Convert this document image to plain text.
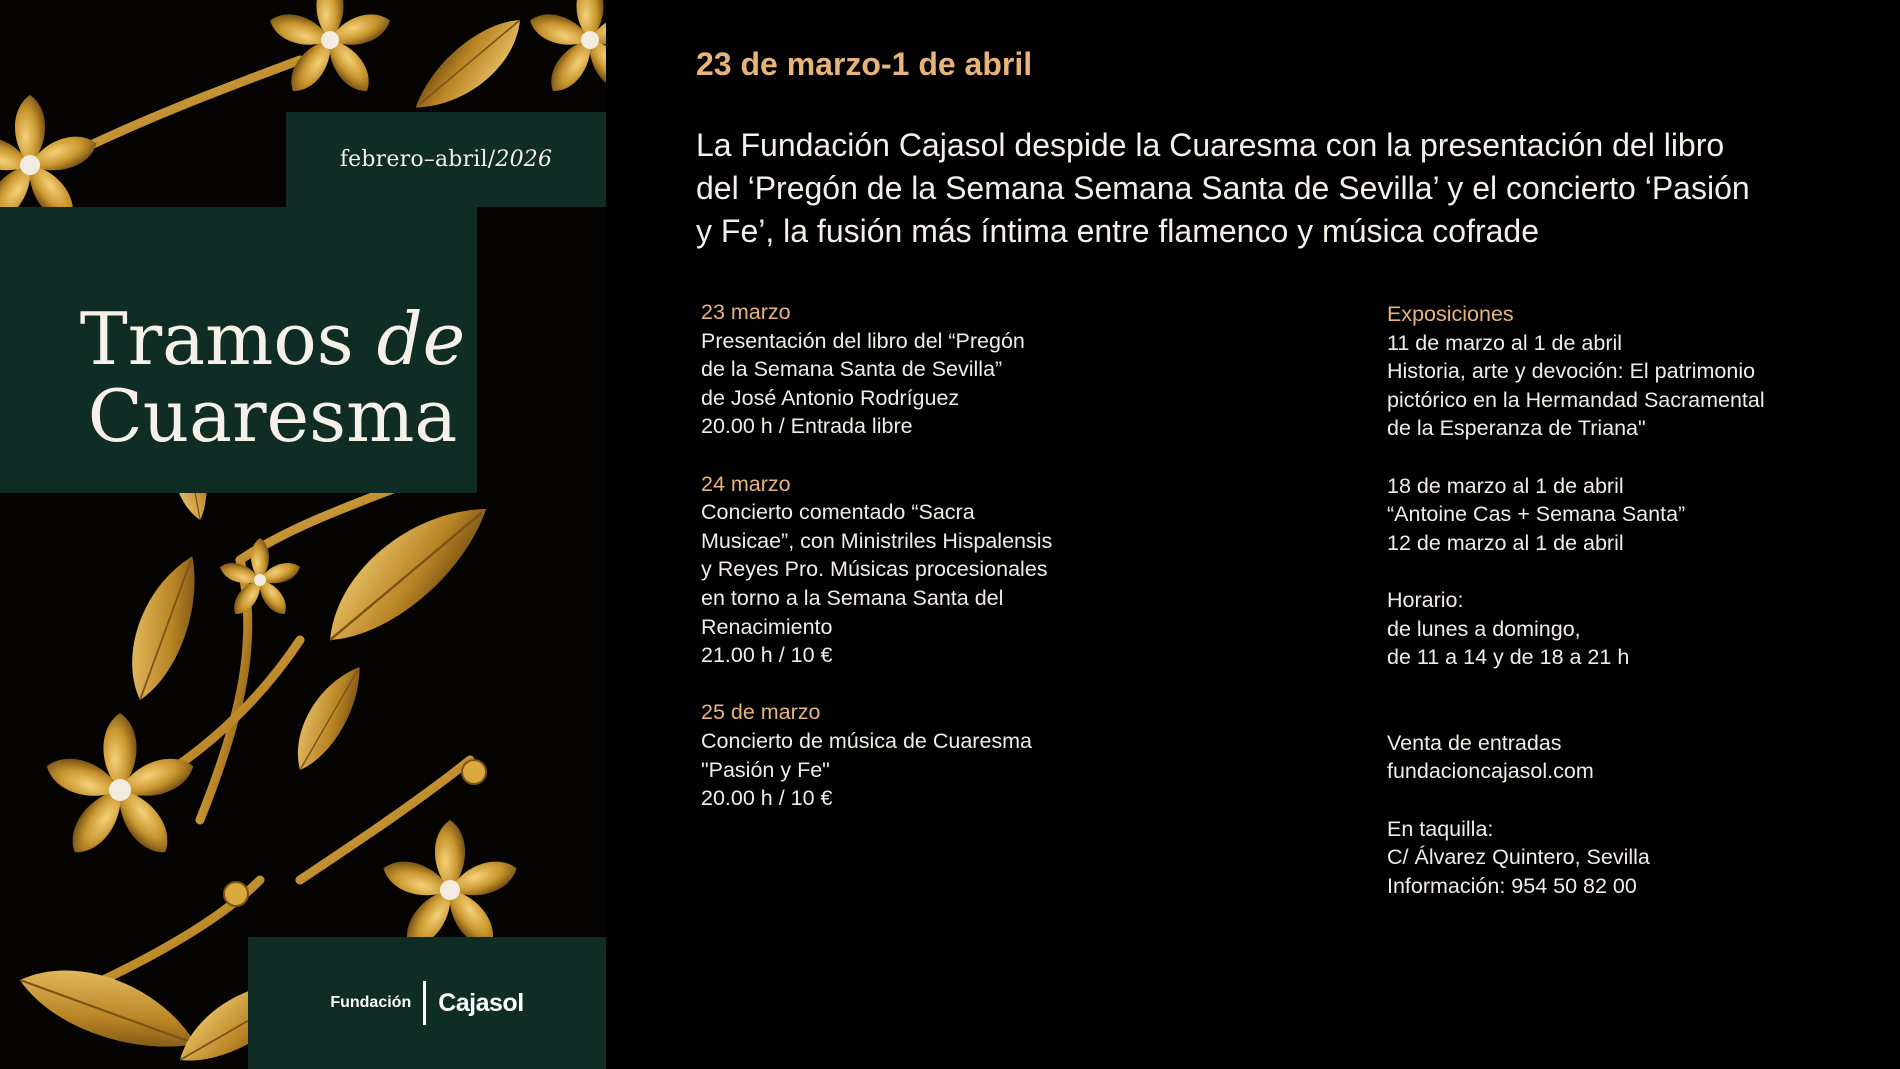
febrero–abril/ 2026
Tramos de
Cuaresma
Fundación Cajasol
23 de marzo-1 de abril

La Fundación Cajasol despide la Cuaresma con la presentación del libro
del ‘Pregón de la Semana Semana Santa de Sevilla’ y el concierto ‘Pasión
y Fe’, la fusión más íntima entre flamenco y música cofrade

23 marzo
Presentación del libro del “Pregón
de la Semana Santa de Sevilla”
de José Antonio Rodríguez
20.00 h / Entrada libre
24 marzo
Concierto comentado “Sacra
Musicae”, con Ministriles Hispalensis
y Reyes Pro. Músicas procesionales
en torno a la Semana Santa del
Renacimiento
21.00 h / 10 €
25 de marzo
Concierto de música de Cuaresma
"Pasión y Fe"
20.00 h / 10 €
Exposiciones
11 de marzo al 1 de abril
Historia, arte y devoción: El patrimonio
pictórico en la Hermandad Sacramental
de la Esperanza de Triana"
18 de marzo al 1 de abril
“Antoine Cas + Semana Santa”
12 de marzo al 1 de abril
Horario:
de lunes a domingo,
de 11 a 14 y de 18 a 21 h
Venta de entradas
fundacioncajasol.com
En taquilla:
C/ Álvarez Quintero, Sevilla
Información: 954 50 82 00
